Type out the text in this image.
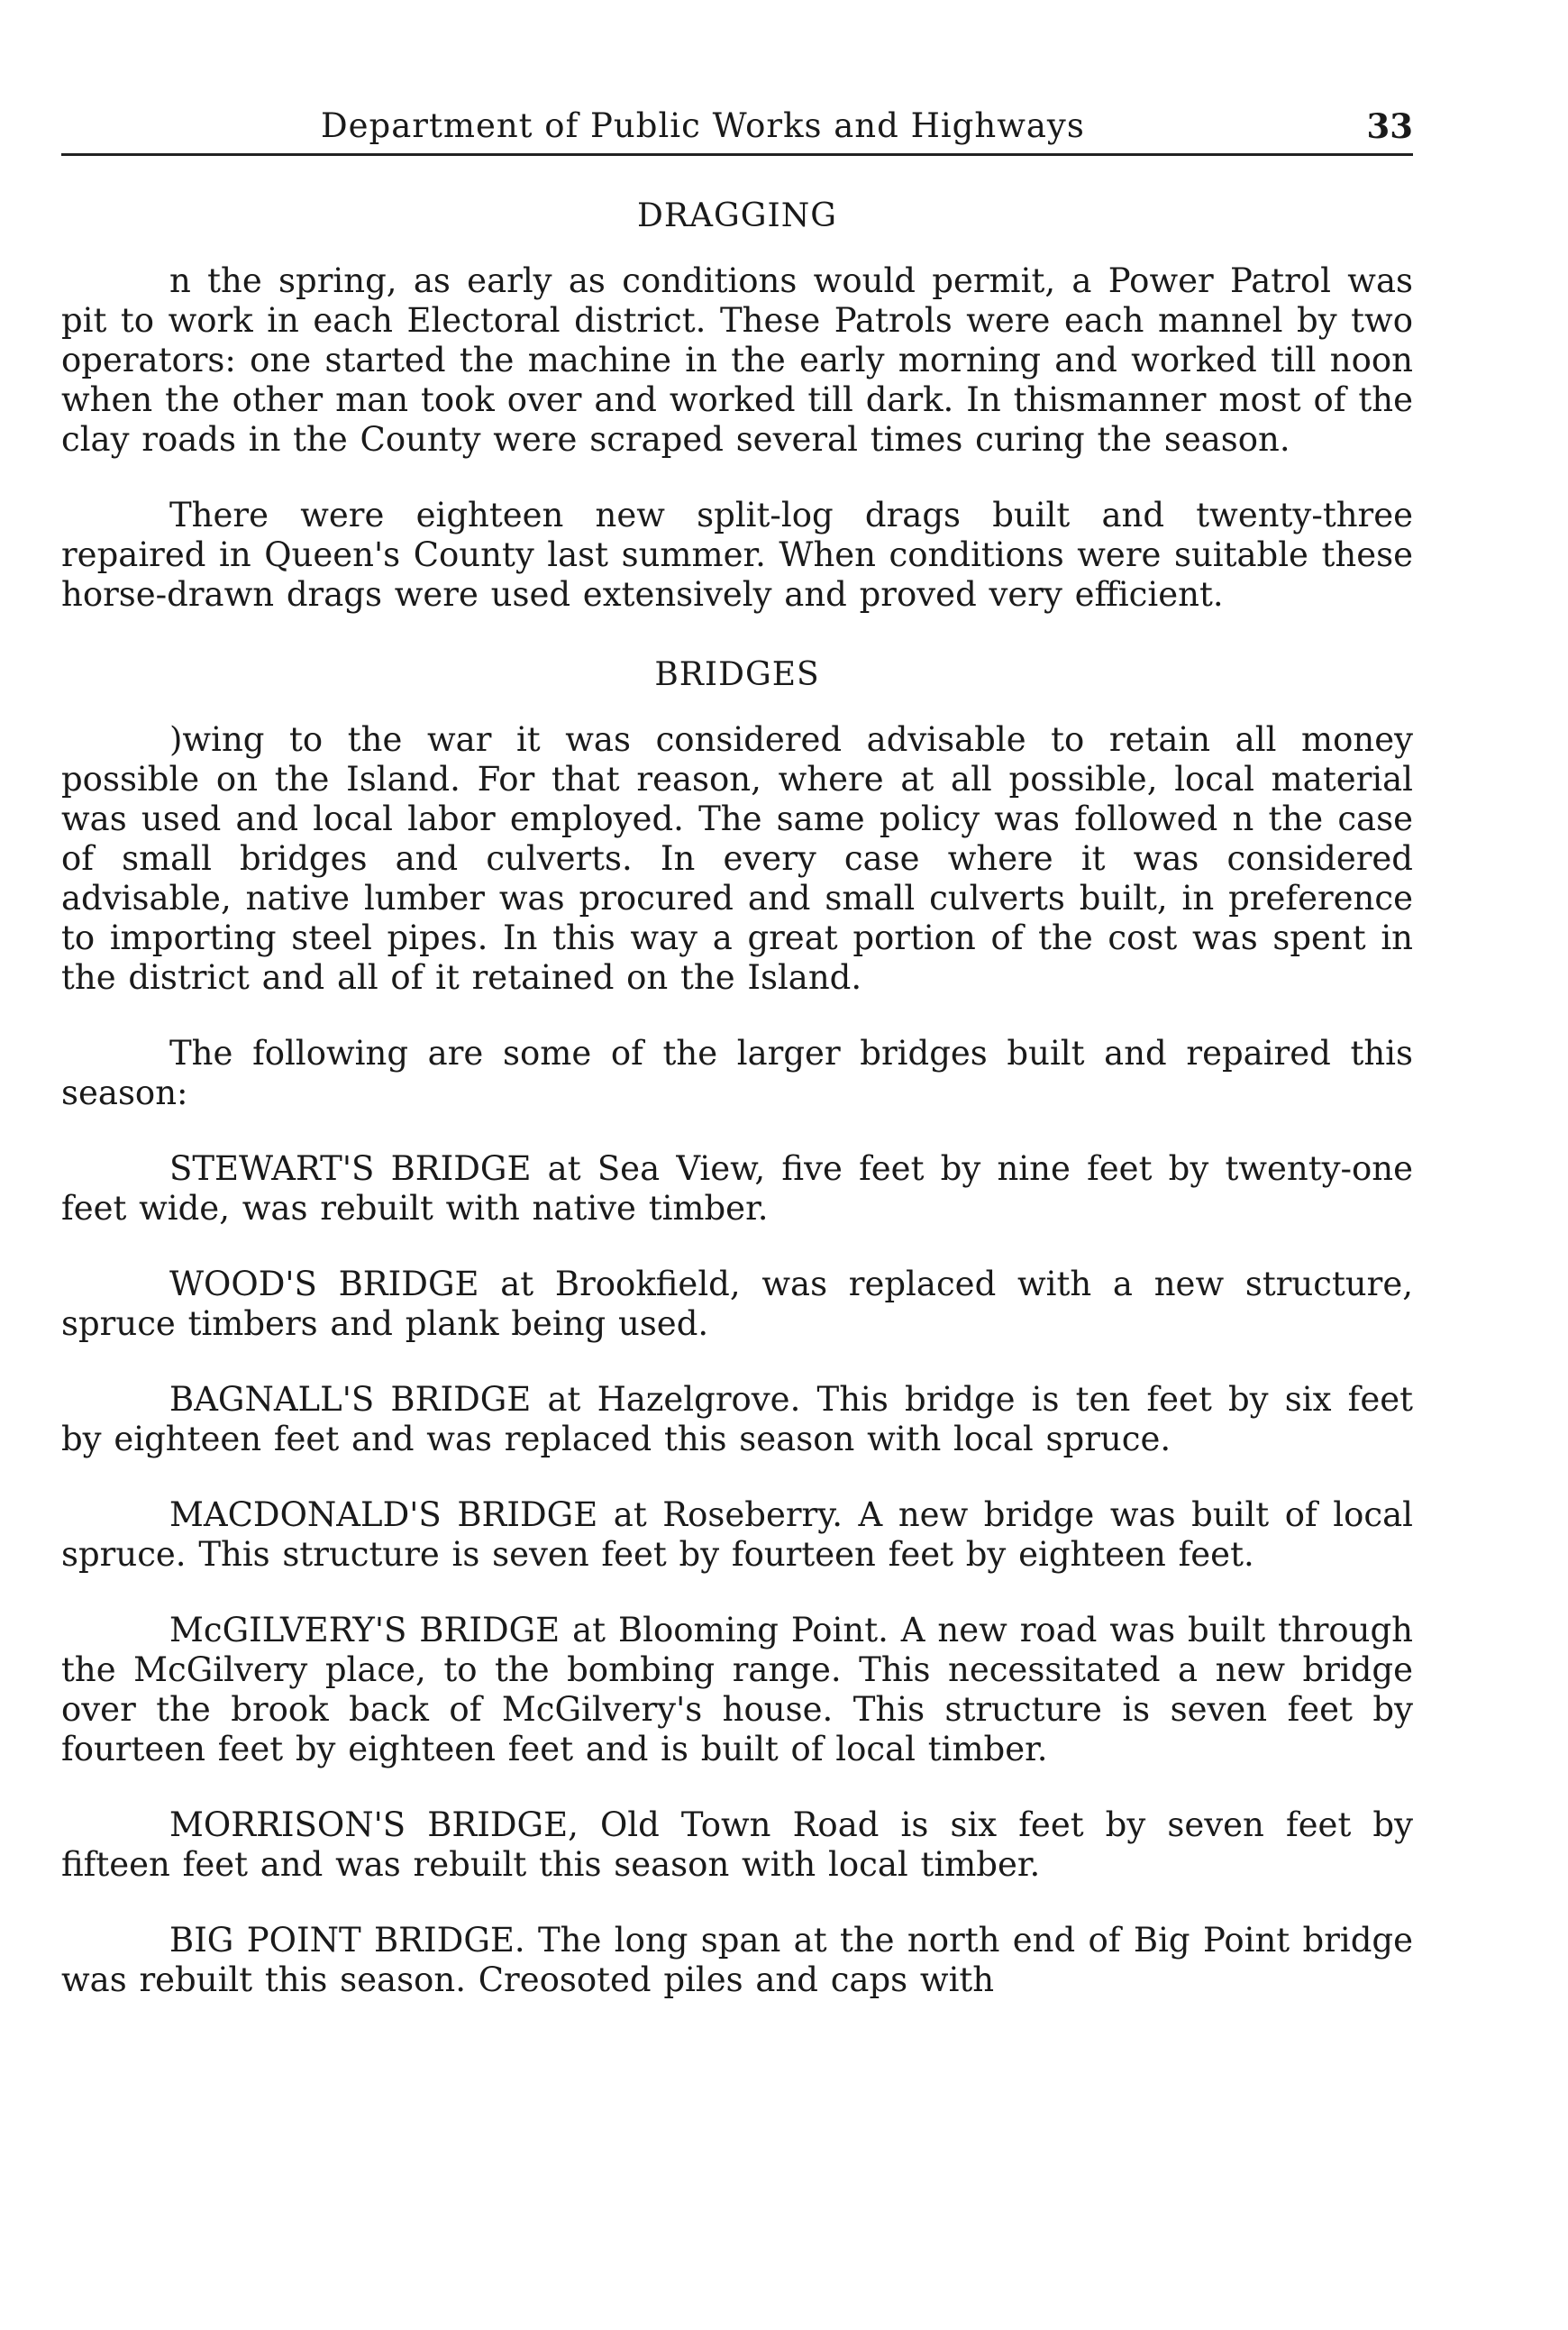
Department of Public Works and Highways	33
DRAGGING

n the spring, as early as conditions would permit, a Power Patrol was pit to work in each Electoral district. These Patrols were each mannel by two operators: one started the machine in the early morning and worked till noon when the other man took over and worked till dark. In thismanner most of the clay roads in the County were scraped several times curing the season.

There were eighteen new split-log drags built and twenty-three repaired in Queen's County last summer. When conditions were suitable these horse-drawn drags were used extensively and proved very efficient.

BRIDGES

)wing to the war it was considered advisable to retain all money possible on the Island. For that reason, where at all possible, local material was used and local labor employed. The same policy was followed n the case of small bridges and culverts. In every case where it was considered advisable, native lumber was procured and small culverts built, in preference to importing steel pipes. In this way a great portion of the cost was spent in the district and all of it retained on the Island.

The following are some of the larger bridges built and repaired this season:

STEWART'S BRIDGE at Sea View, five feet by nine feet by twenty-one feet wide, was rebuilt with native timber.

WOOD'S BRIDGE at Brookfield, was replaced with a new structure, spruce timbers and plank being used.

BAGNALL'S BRIDGE at Hazelgrove. This bridge is ten feet by six feet by eighteen feet and was replaced this season with local spruce.

MACDONALD'S BRIDGE at Roseberry. A new bridge was built of local spruce. This structure is seven feet by fourteen feet by eighteen feet.

McGILVERY'S BRIDGE at Blooming Point. A new road was built through the McGilvery place, to the bombing range. This necessitated a new bridge over the brook back of McGilvery's house. This structure is seven feet by fourteen feet by eighteen feet and is built of local timber.

MORRISON'S BRIDGE, Old Town Road is six feet by seven feet by fifteen feet and was rebuilt this season with local timber.

BIG POINT BRIDGE. The long span at the north end of Big Point bridge was rebuilt this season. Creosoted piles and caps with
